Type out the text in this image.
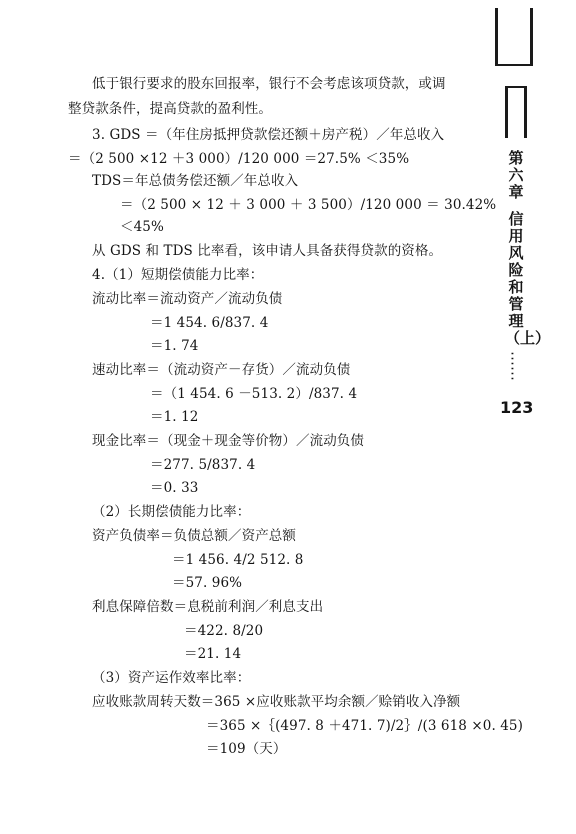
低于银行要求的股东回报率，银行不会考虑该项贷款，或调
整贷款条件，提高贷款的盈利性。
3. GDS ＝（年住房抵押贷款偿还额＋房产税）／年总收入
＝（2 500 ×12 ＋3 000）/120 000 ＝27.5% ＜35%
TDS＝年总债务偿还额／年总收入
＝（2 500 × 12 ＋ 3 000 ＋ 3 500）/120 000 ＝ 30.42%
＜45%
从 GDS 和 TDS 比率看，该申请人具备获得贷款的资格。
4.（1）短期偿债能力比率：
流动比率＝流动资产／流动负债
＝1 454. 6/837. 4
＝1. 74
速动比率＝（流动资产－存货）／流动负债
＝（1 454. 6 －513. 2）/837. 4
＝1. 12
现金比率＝（现金＋现金等价物）／流动负债
＝277. 5/837. 4
＝0. 33
（2）长期偿债能力比率：
资产负债率＝负债总额／资产总额
＝1 456. 4/2 512. 8
＝57. 96%
利息保障倍数＝息税前利润／利息支出
＝422. 8/20
＝21. 14
（3）资产运作效率比率：
应收账款周转天数＝365 ×应收账款平均余额／赊销收入净额
＝365 ×｛(497. 8 ＋471. 7)/2｝/(3 618 ×0. 45)
＝109（天）
第六章
信用风险和管理（上）
……
123
